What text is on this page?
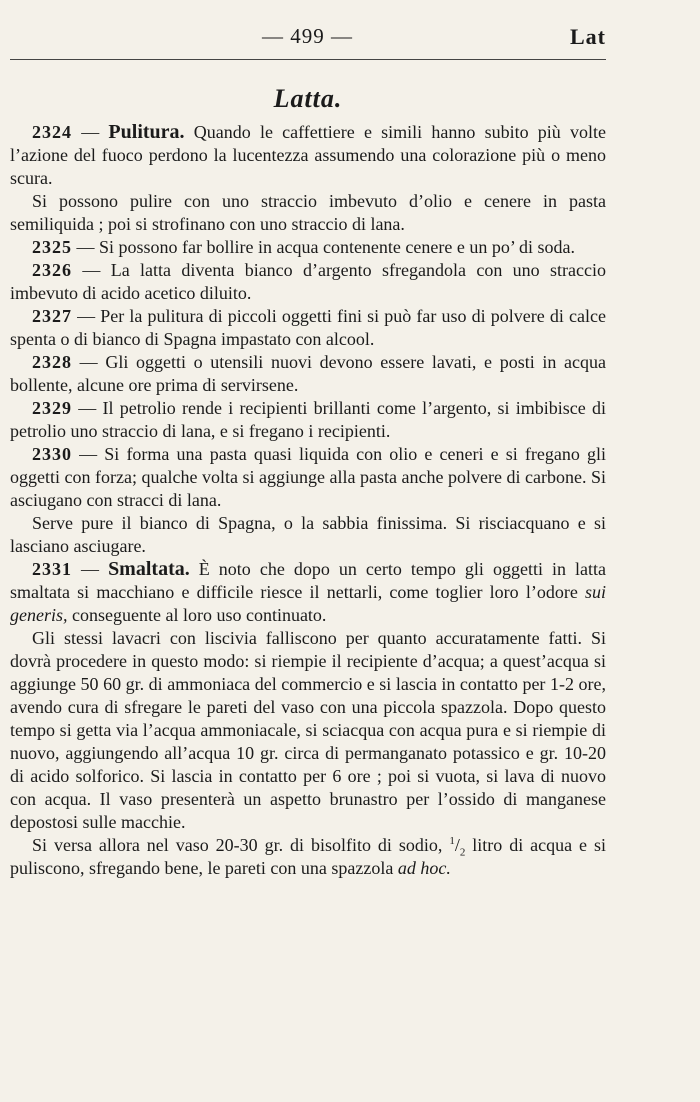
— 499 —	Lat
Latta.

2324 — Pulitura. Quando le caffettiere e simili hanno subito più volte l’azione del fuoco perdono la lucentezza assumendo una colorazione più o meno scura.

Si possono pulire con uno straccio imbevuto d’olio e cenere in pasta semiliquida ; poi si strofinano con uno straccio di lana.

2325 — Si possono far bollire in acqua contenente cenere e un po’ di soda.

2326 — La latta diventa bianco d’argento sfregandola con uno straccio imbevuto di acido acetico diluito.

2327 — Per la pulitura di piccoli oggetti fini si può far uso di polvere di calce spenta o di bianco di Spagna impastato con alcool.

2328 — Gli oggetti o utensili nuovi devono essere lavati, e posti in acqua bollente, alcune ore prima di servirsene.

2329 — Il petrolio rende i recipienti brillanti come l’argento, si imbibisce di petrolio uno straccio di lana, e si fregano i recipienti.

2330 — Si forma una pasta quasi liquida con olio e ceneri e si fregano gli oggetti con forza; qualche volta si aggiunge alla pasta anche polvere di carbone. Si asciugano con stracci di lana.

Serve pure il bianco di Spagna, o la sabbia finissima. Si risciacquano e si lasciano asciugare.

2331 — Smaltata. È noto che dopo un certo tempo gli oggetti in latta smaltata si macchiano e difficile riesce il nettarli, come toglier loro l’odore sui generis, conseguente al loro uso continuato.

Gli stessi lavacri con liscivia falliscono per quanto accuratamente fatti. Si dovrà procedere in questo modo: si riempie il recipiente d’acqua; a quest’acqua si aggiunge 50 60 gr. di ammoniaca del commercio e si lascia in contatto per 1-2 ore, avendo cura di sfregare le pareti del vaso con una piccola spazzola. Dopo questo tempo si getta via l’acqua ammoniacale, si sciacqua con acqua pura e si riempie di nuovo, aggiungendo all’acqua 10 gr. circa di permanganato potassico e gr. 10-20 di acido solforico. Si lascia in contatto per 6 ore ; poi si vuota, si lava di nuovo con acqua. Il vaso presenterà un aspetto brunastro per l’ossido di manganese depostosi sulle macchie.

Si versa allora nel vaso 20-30 gr. di bisolfito di sodio, $^1/_2$ litro di acqua e si puliscono, sfregando bene, le pareti con una spazzola ad hoc.
